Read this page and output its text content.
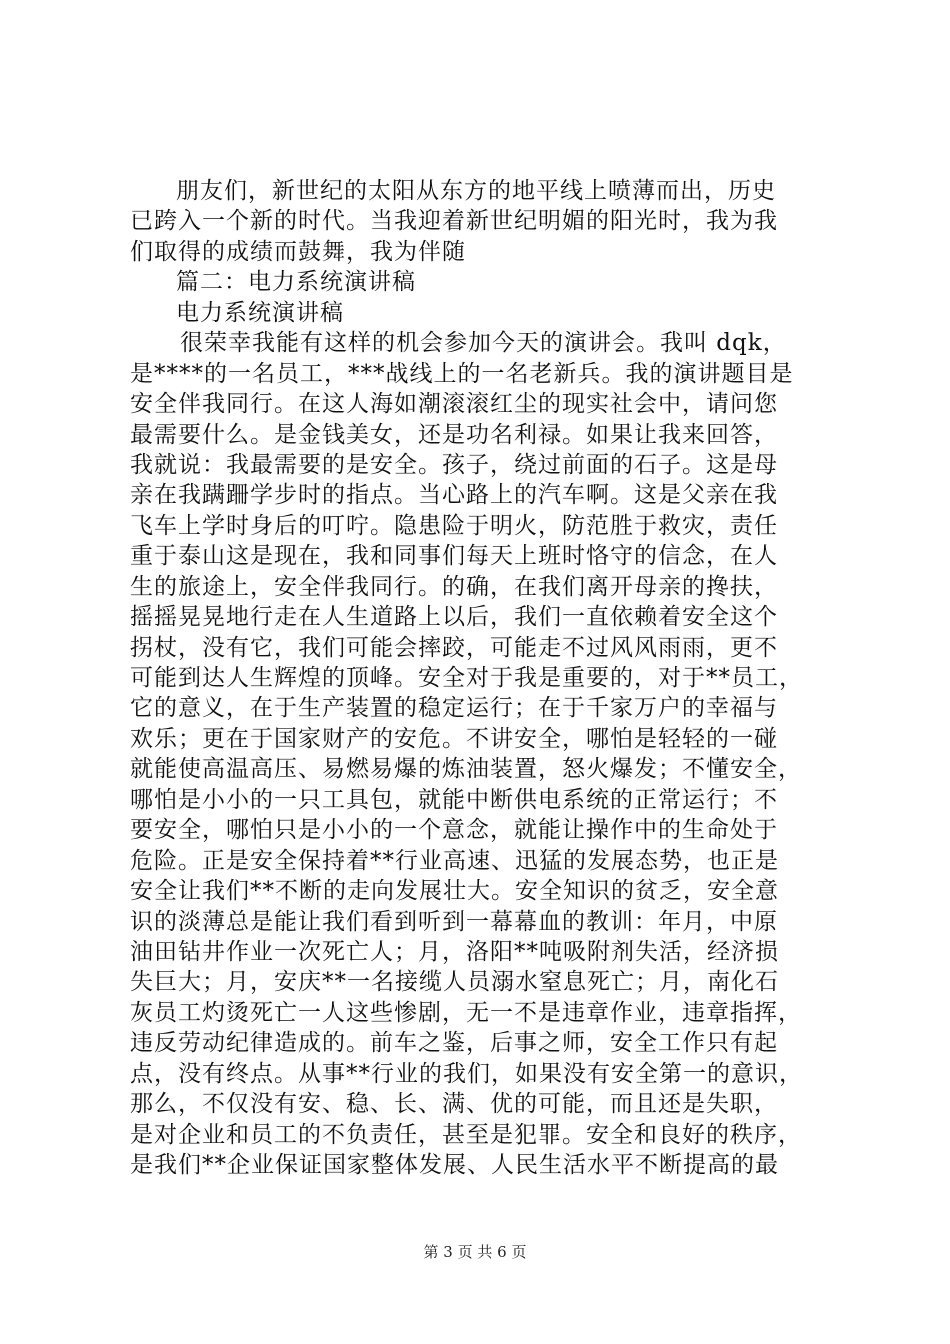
朋友们，新世纪的太阳从东方的地平线上喷薄而出，历史
已跨入一个新的时代。当我迎着新世纪明媚的阳光时，我为我
们取得的成绩而鼓舞，我为伴随
篇二：电力系统演讲稿
电力系统演讲稿
很荣幸我能有这样的机会参加今天的演讲会。我叫 dqk，
是****的一名员工，***战线上的一名老新兵。我的演讲题目是
安全伴我同行。在这人海如潮滚滚红尘的现实社会中，请问您
最需要什么。是金钱美女，还是功名利禄。如果让我来回答，
我就说：我最需要的是安全。孩子，绕过前面的石子。这是母
亲在我蹒跚学步时的指点。当心路上的汽车啊。这是父亲在我
飞车上学时身后的叮咛。隐患险于明火，防范胜于救灾，责任
重于泰山这是现在，我和同事们每天上班时恪守的信念，在人
生的旅途上，安全伴我同行。的确，在我们离开母亲的搀扶，
摇摇晃晃地行走在人生道路上以后，我们一直依赖着安全这个
拐杖，没有它，我们可能会摔跤，可能走不过风风雨雨，更不
可能到达人生辉煌的顶峰。安全对于我是重要的，对于**员工，
它的意义，在于生产装置的稳定运行；在于千家万户的幸福与
欢乐；更在于国家财产的安危。不讲安全，哪怕是轻轻的一碰
就能使高温高压、易燃易爆的炼油装置，怒火爆发；不懂安全，
哪怕是小小的一只工具包，就能中断供电系统的正常运行；不
要安全，哪怕只是小小的一个意念，就能让操作中的生命处于
危险。正是安全保持着**行业高速、迅猛的发展态势，也正是
安全让我们**不断的走向发展壮大。安全知识的贫乏，安全意
识的淡薄总是能让我们看到听到一幕幕血的教训：年月，中原
油田钻井作业一次死亡人；月，洛阳**吨吸附剂失活，经济损
失巨大；月，安庆**一名接缆人员溺水窒息死亡；月，南化石
灰员工灼烫死亡一人这些惨剧，无一不是违章作业，违章指挥，
违反劳动纪律造成的。前车之鉴，后事之师，安全工作只有起
点，没有终点。从事**行业的我们，如果没有安全第一的意识，
那么，不仅没有安、稳、长、满、优的可能，而且还是失职，
是对企业和员工的不负责任，甚至是犯罪。安全和良好的秩序，
是我们**企业保证国家整体发展、人民生活水平不断提高的最
第 3 页 共 6 页
